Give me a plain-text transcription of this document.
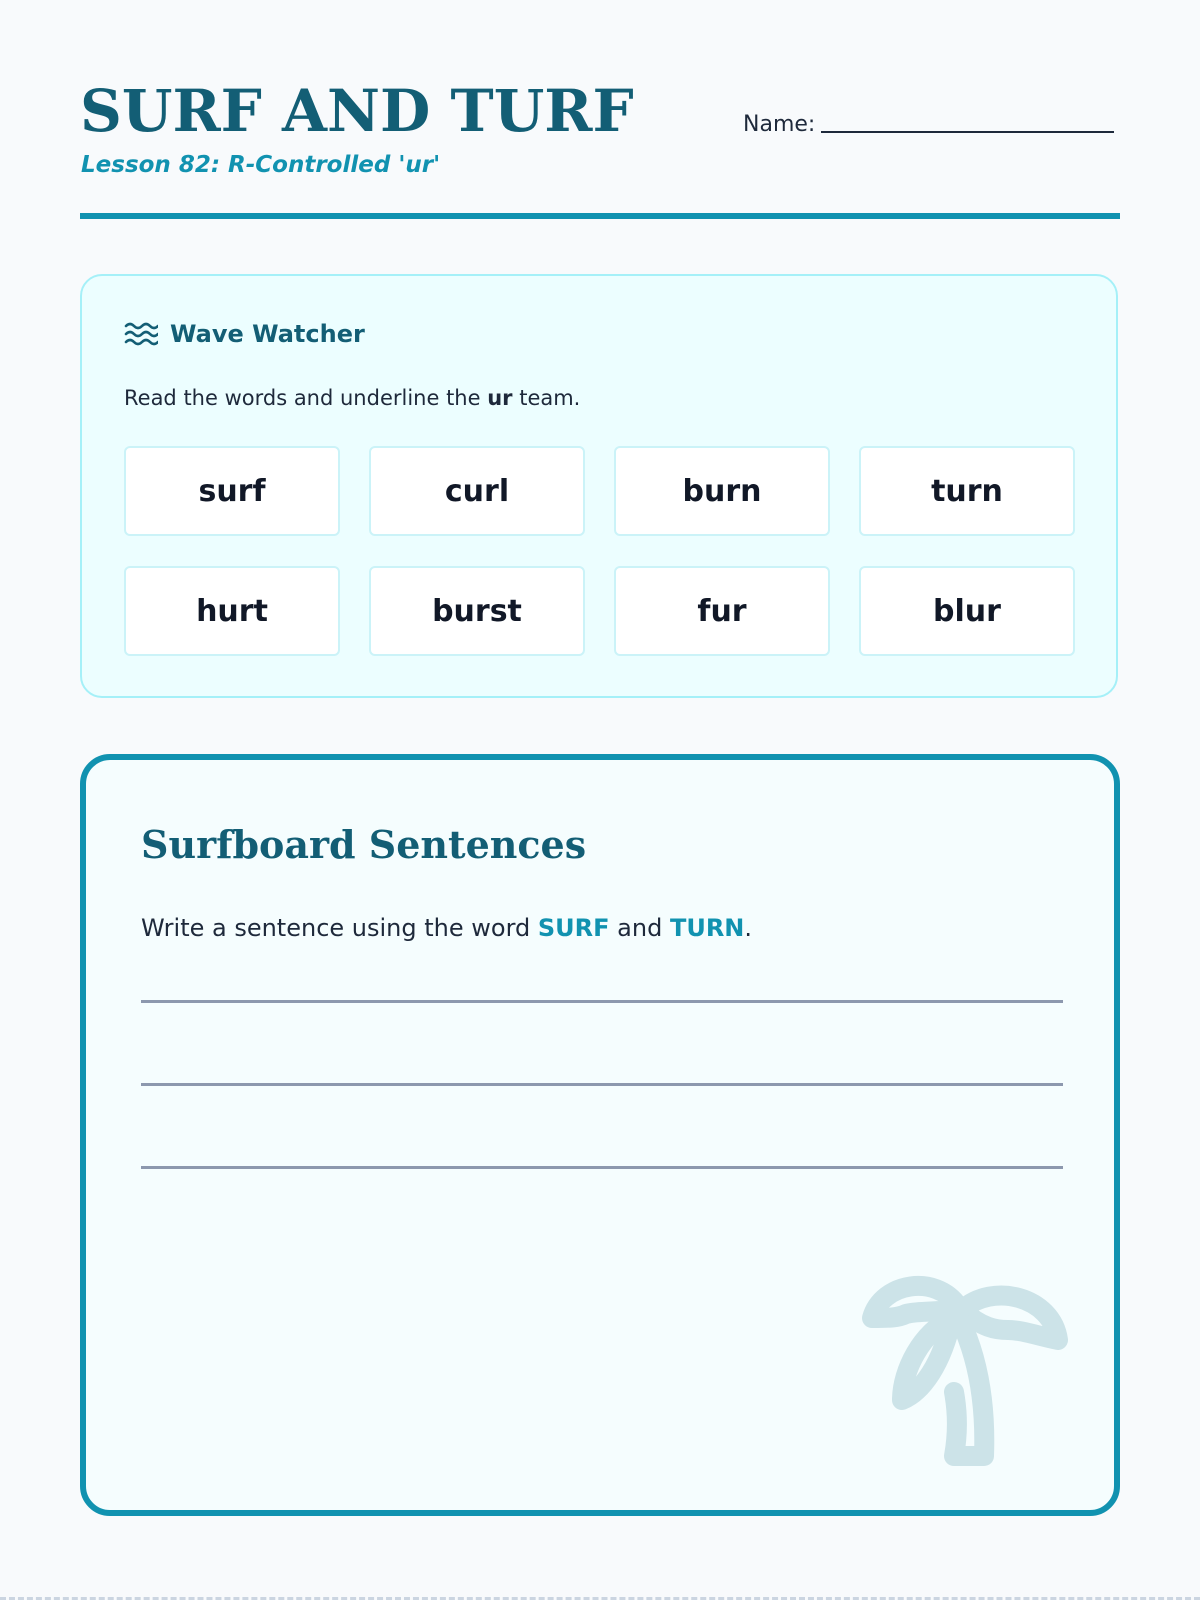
SURF AND TURF
Lesson 82: R-Controlled 'ur'
Name:
Wave Watcher
Read the words and underline the ur team.
surf	curl	burn	turn
hurt	burst	fur	blur
Surfboard Sentences
Write a sentence using the word SURF and TURN.
